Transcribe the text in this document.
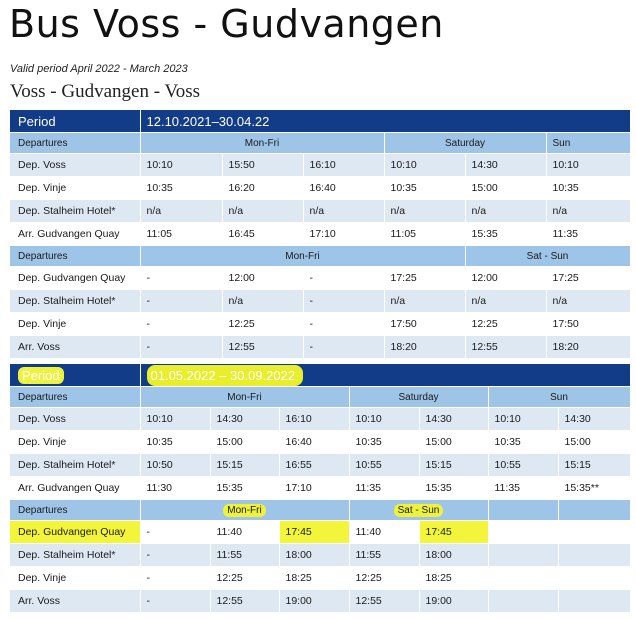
Bus Voss - Gudvangen
Valid period April 2022 - March 2023
Voss - Gudvangen - Voss
Period	12.10.2021–30.04.22					
Departures	Mon-Fri			Saturday		Sun
Dep. Voss	10:10	15:50	16:10	10:10	14:30	10:10
Dep. Vinje	10:35	16:20	16:40	10:35	15:00	10:35
Dep. Stalheim Hotel*	n/a	n/a	n/a	n/a	n/a	n/a
Arr. Gudvangen Quay	11:05	16:45	17:10	11:05	15:35	11:35
Departures	Mon-Fri				Sat - Sun	
Dep. Gudvangen Quay	-	12:00	-	17:25	12:00	17:25
Dep. Stalheim Hotel*	-	n/a	-	n/a	n/a	n/a
Dep. Vinje	-	12:25	-	17:50	12:25	17:50
Arr. Voss	-	12:55	-	18:20	12:55	18:20
Period	01.05.2022 – 30.09.2022						
Departures	Mon-Fri			Saturday		Sun	
Dep. Voss	10:10	14:30	16:10	10:10	14:30	10:10	14:30
Dep. Vinje	10:35	15:00	16:40	10:35	15:00	10:35	15:00
Dep. Stalheim Hotel*	10:50	15:15	16:55	10:55	15:15	10:55	15:15
Arr. Gudvangen Quay	11:30	15:35	17:10	11:35	15:35	11:35	15:35**
Departures	Mon-Fri			Sat - Sun			
Dep. Gudvangen Quay	-	11:40	17:45	11:40	17:45		
Dep. Stalheim Hotel*	-	11:55	18:00	11:55	18:00		
Dep. Vinje	-	12:25	18:25	12:25	18:25		
Arr. Voss	-	12:55	19:00	12:55	19:00		
